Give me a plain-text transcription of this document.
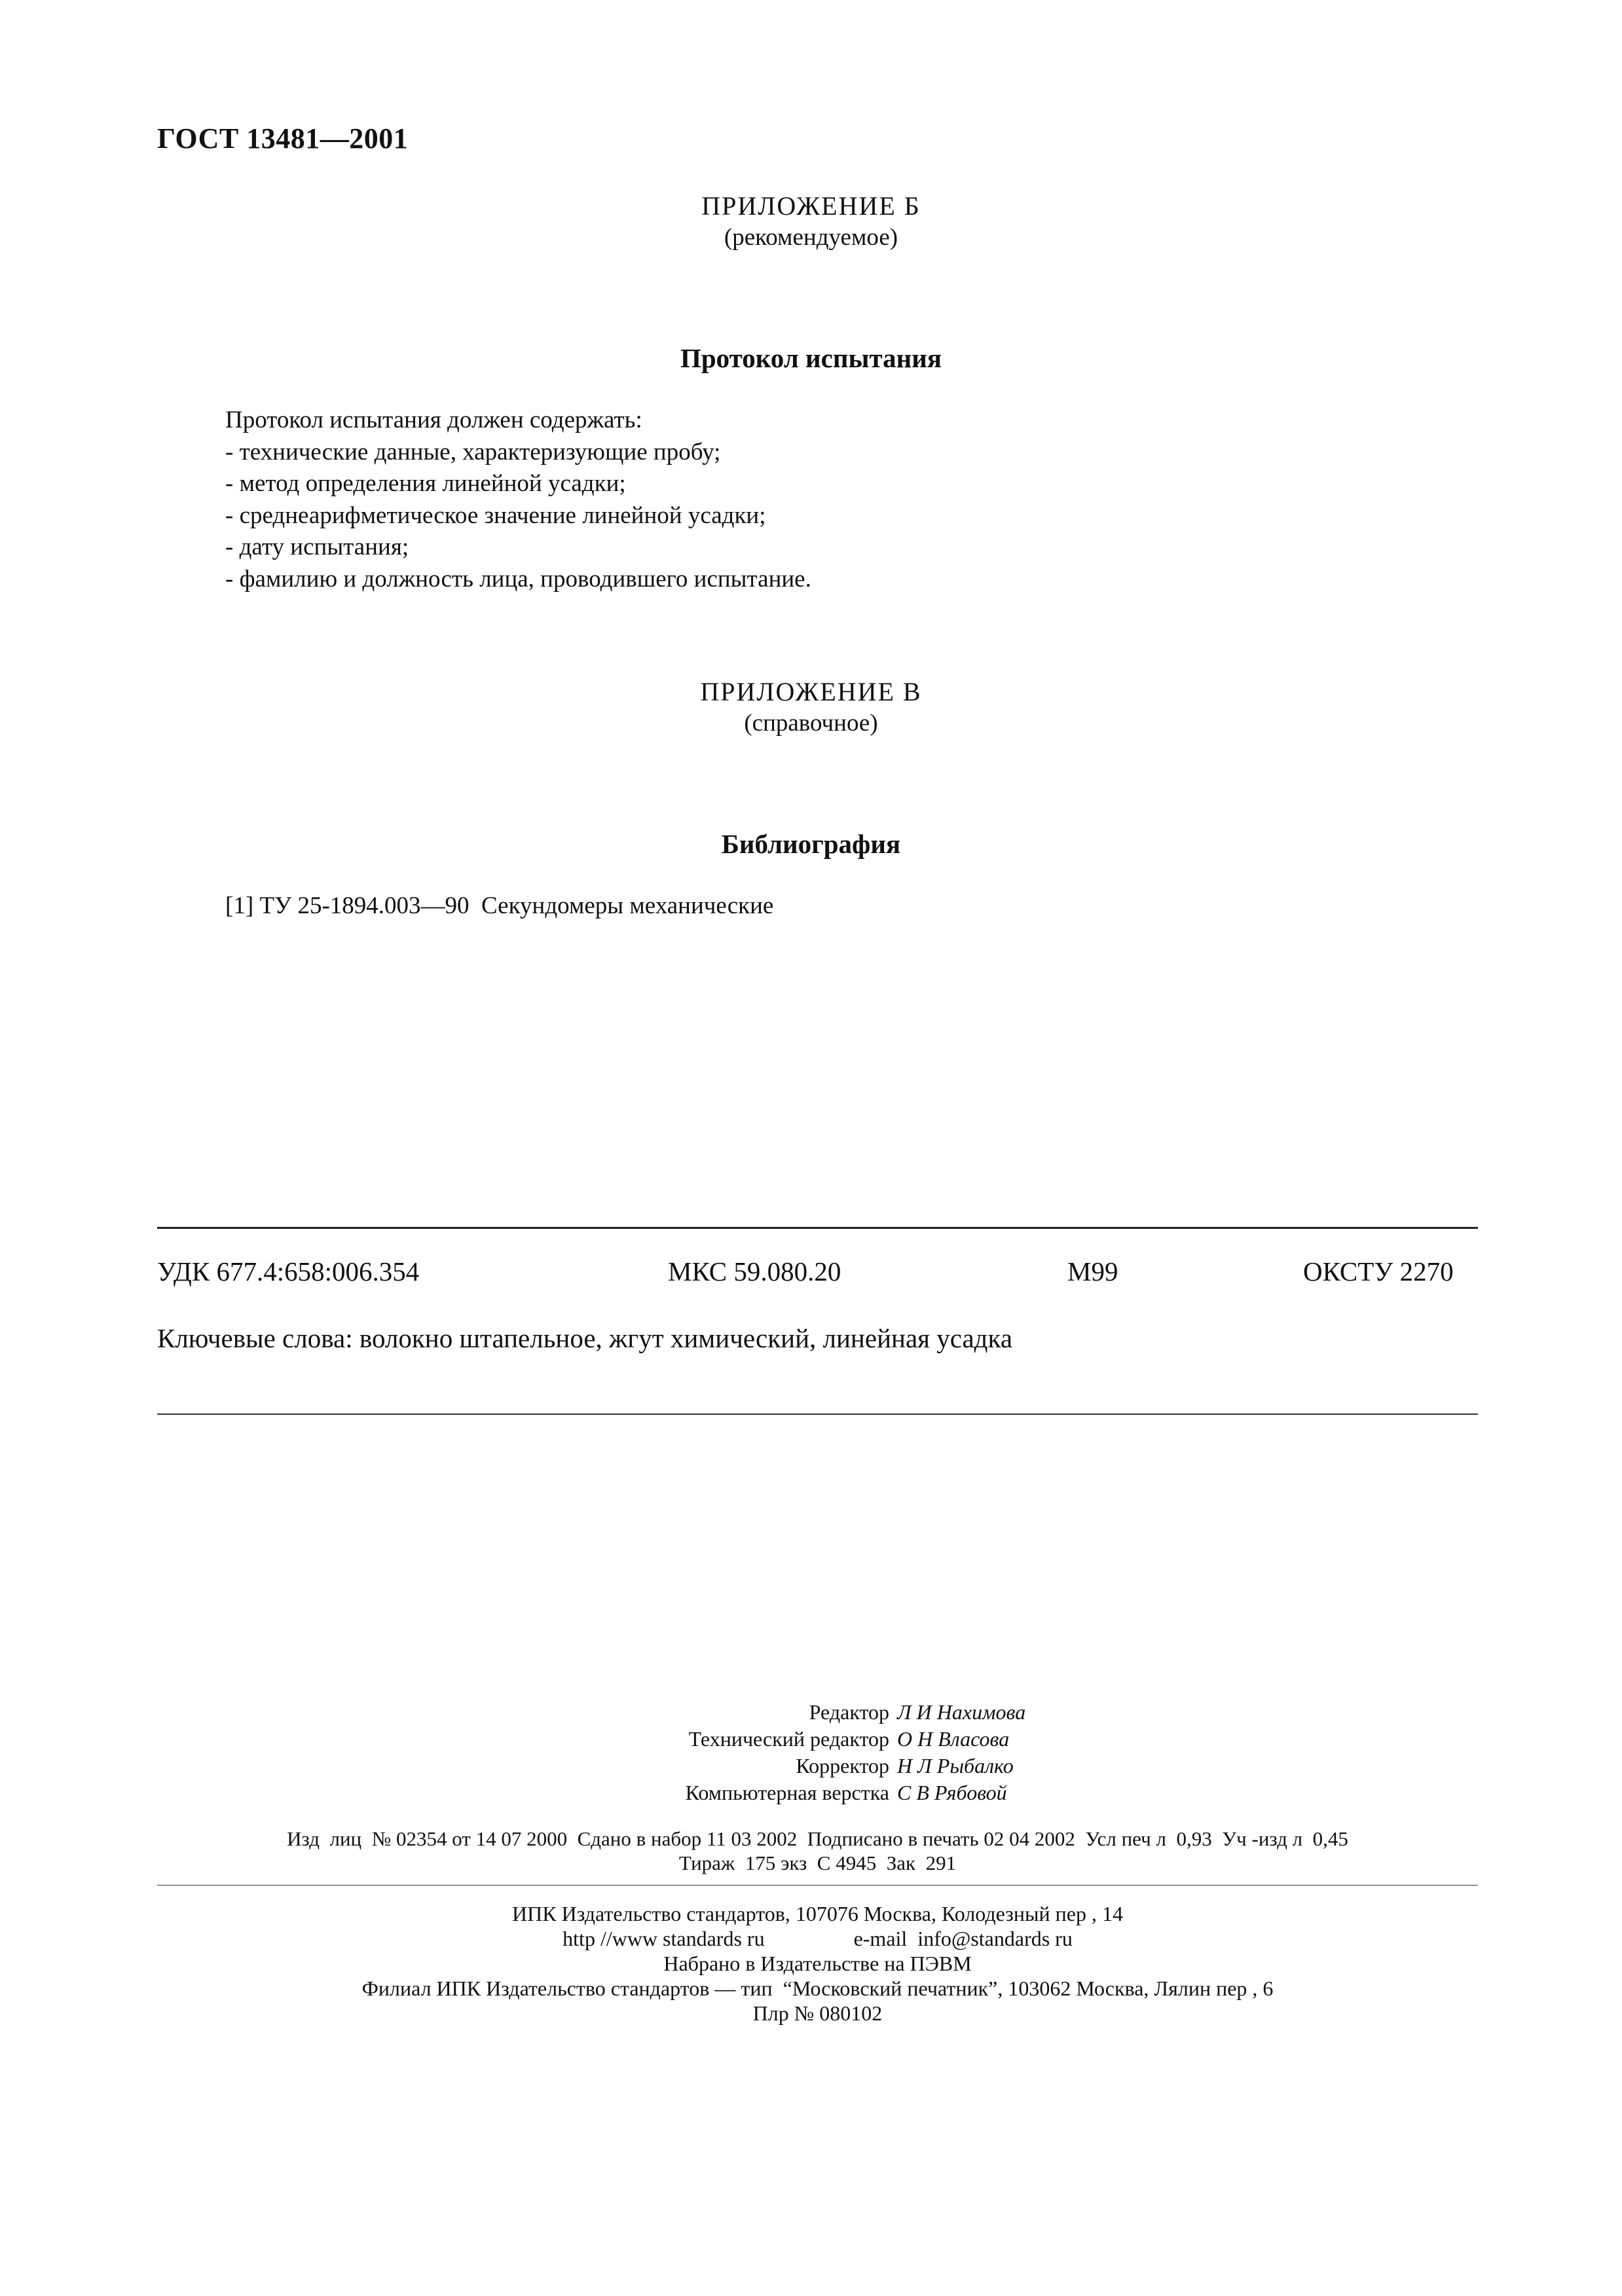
ГОСТ 13481—2001
ПРИЛОЖЕНИЕ Б
(рекомендуемое)
Протокол испытания
Протокол испытания должен содержать:
- технические данные, характеризующие пробу;
- метод определения линейной усадки;
- среднеарифметическое значение линейной усадки;
- дату испытания;
- фамилию и должность лица, проводившего испытание.
ПРИЛОЖЕНИЕ В
(справочное)
Библиография
[1] ТУ 25-1894.003—90  Секундомеры механические
УДК 677.4:658:006.354	МКС 59.080.20	М99	ОКСТУ 2270
Ключевые слова: волокно штапельное, жгут химический, линейная усадка
Редактор Л И Нахимова
Технический редактор О Н Власова
Корректор Н Л Рыбалко
Компьютерная верстка С В Рябовой
Изд  лиц  № 02354 от 14 07 2000  Сдано в набор 11 03 2002  Подписано в печать 02 04 2002  Усл печ л  0,93  Уч -изд л  0,45
Тираж  175 экз  С 4945  Зак  291
ИПК Издательство стандартов, 107076 Москва, Колодезный пер , 14
http //www standards ru	e-mail  info@standards ru
Набрано в Издательстве на ПЭВМ
Филиал ИПК Издательство стандартов — тип  “Московский печатник”, 103062 Москва, Лялин пер , 6
Плр № 080102
